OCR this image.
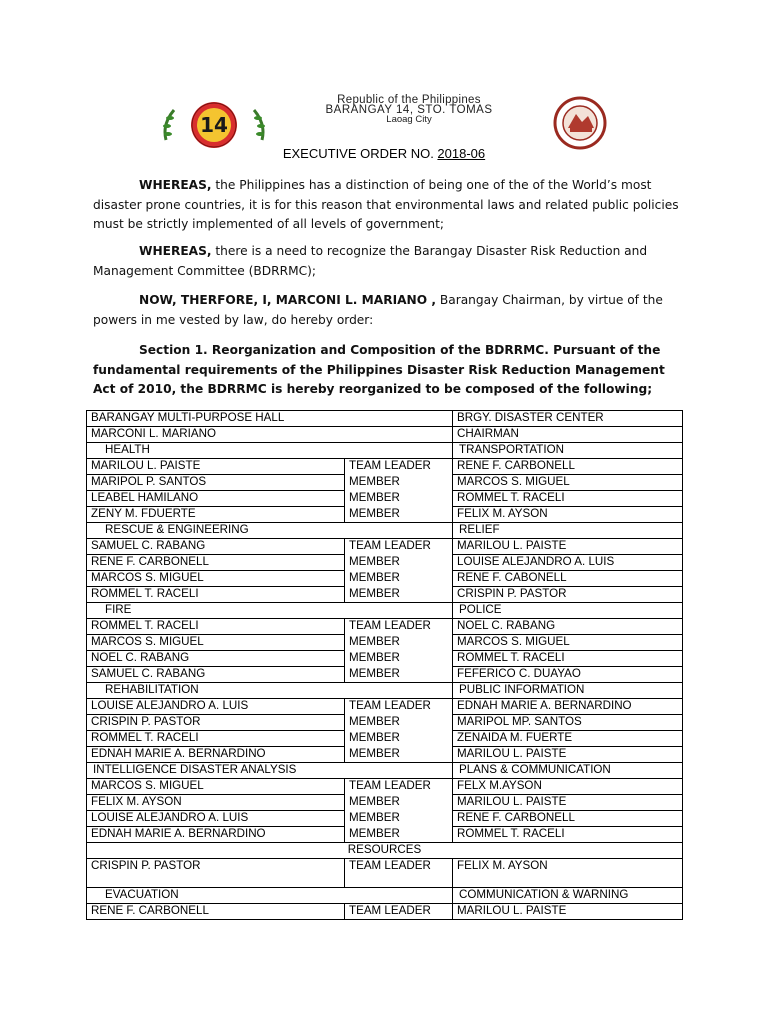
14
Republic of the Philippines
BARANGAY 14, STO. TOMAS
Laoag City
EXECUTIVE ORDER NO. 2018-06

WHEREAS, the Philippines has a distinction of being one of the of the World’s most disaster prone countries, it is for this reason that environmental laws and related public policies must be strictly implemented of all levels of government;

WHEREAS, there is a need to recognize the Barangay Disaster Risk Reduction and Management Committee (BDRRMC);

NOW, THERFORE, I, MARCONI L. MARIANO , Barangay Chairman, by virtue of the powers in me vested by law, do hereby order:

Section 1. Reorganization and Composition of the BDRRMC. Pursuant of the fundamental requirements of the Philippines Disaster Risk Reduction Management Act of 2010, the BDRRMC is hereby reorganized to be composed of the following;

BARANGAY MULTI-PURPOSE HALL		BRGY. DISASTER CENTER
MARCONI L. MARIANO		CHAIRMAN
HEALTH		TRANSPORTATION
MARILOU L. PAISTE	TEAM LEADER	RENE F. CARBONELL
MARIPOL P. SANTOS	MEMBER	MARCOS S. MIGUEL
LEABEL HAMILANO	MEMBER	ROMMEL T. RACELI
ZENY M. FDUERTE	MEMBER	FELIX M. AYSON
RESCUE & ENGINEERING		RELIEF
SAMUEL C. RABANG	TEAM LEADER	MARILOU L. PAISTE
RENE F. CARBONELL	MEMBER	LOUISE ALEJANDRO A. LUIS
MARCOS S. MIGUEL	MEMBER	RENE F. CABONELL
ROMMEL T. RACELI	MEMBER	CRISPIN P. PASTOR
FIRE		POLICE
ROMMEL T. RACELI	TEAM LEADER	NOEL C. RABANG
MARCOS S. MIGUEL	MEMBER	MARCOS S. MIGUEL
NOEL C. RABANG	MEMBER	ROMMEL T. RACELI
SAMUEL C. RABANG	MEMBER	FEFERICO C. DUAYAO
REHABILITATION		PUBLIC INFORMATION
LOUISE ALEJANDRO A. LUIS	TEAM LEADER	EDNAH MARIE A. BERNARDINO
CRISPIN P. PASTOR	MEMBER	MARIPOL MP. SANTOS
ROMMEL T. RACELI	MEMBER	ZENAIDA M. FUERTE
EDNAH MARIE A. BERNARDINO	MEMBER	MARILOU L. PAISTE
INTELLIGENCE DISASTER ANALYSIS		PLANS & COMMUNICATION
MARCOS S. MIGUEL	TEAM LEADER	FELX M.AYSON
FELIX M. AYSON	MEMBER	MARILOU L. PAISTE
LOUISE ALEJANDRO A. LUIS	MEMBER	RENE F. CARBONELL
EDNAH MARIE A. BERNARDINO	MEMBER	ROMMEL T. RACELI
RESOURCES		
CRISPIN P. PASTOR	TEAM LEADER	FELIX M. AYSON
EVACUATION		COMMUNICATION & WARNING
RENE F. CARBONELL	TEAM LEADER	MARILOU L. PAISTE
